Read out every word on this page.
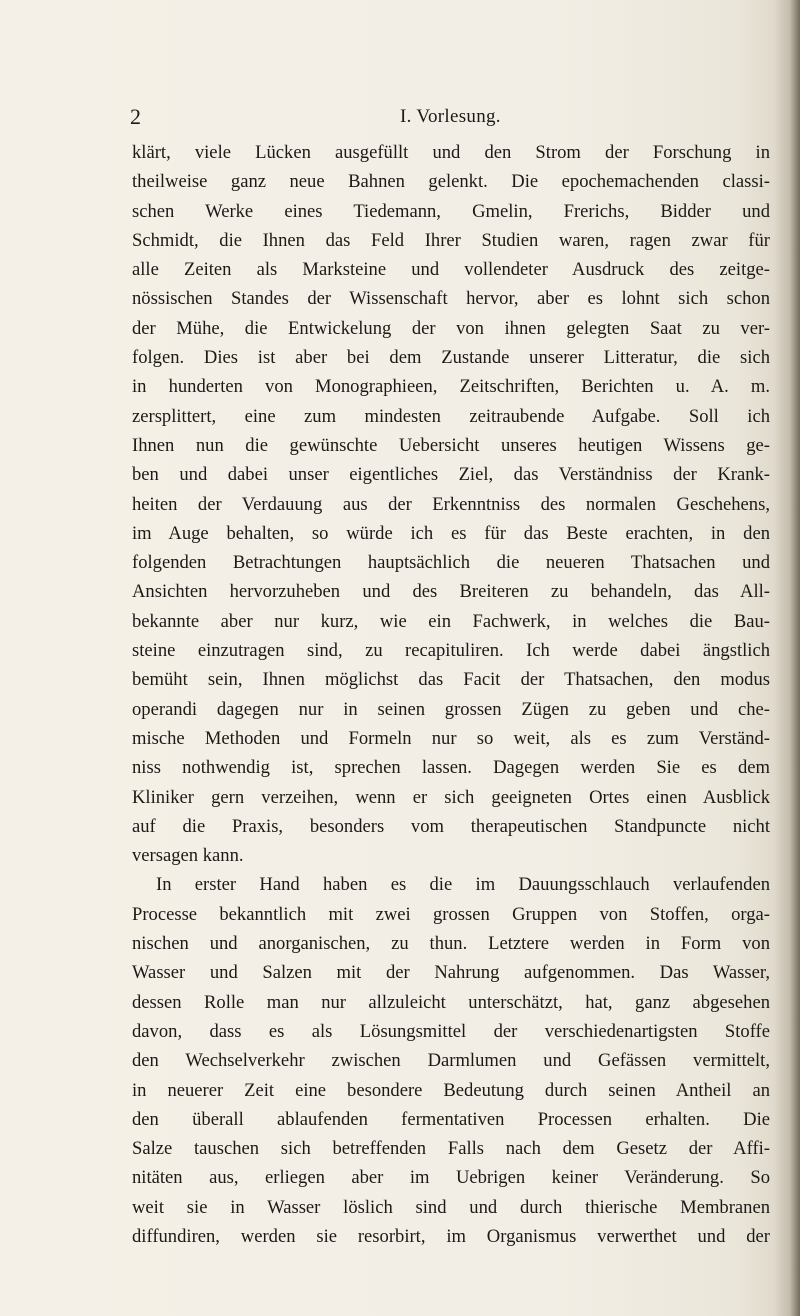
2	I. Vorlesung.
klärt, viele Lücken ausgefüllt und den Strom der Forschung in
theilweise ganz neue Bahnen gelenkt. Die epochemachenden classi-
schen Werke eines Tiedemann, Gmelin, Frerichs, Bidder und
Schmidt, die Ihnen das Feld Ihrer Studien waren, ragen zwar für
alle Zeiten als Marksteine und vollendeter Ausdruck des zeitge-
nössischen Standes der Wissenschaft hervor, aber es lohnt sich schon
der Mühe, die Entwickelung der von ihnen gelegten Saat zu ver-
folgen. Dies ist aber bei dem Zustande unserer Litteratur, die sich
in hunderten von Monographieen, Zeitschriften, Berichten u. A. m.
zersplittert, eine zum mindesten zeitraubende Aufgabe. Soll ich
Ihnen nun die gewünschte Uebersicht unseres heutigen Wissens ge-
ben und dabei unser eigentliches Ziel, das Verständniss der Krank-
heiten der Verdauung aus der Erkenntniss des normalen Geschehens,
im Auge behalten, so würde ich es für das Beste erachten, in den
folgenden Betrachtungen hauptsächlich die neueren Thatsachen und
Ansichten hervorzuheben und des Breiteren zu behandeln, das All-
bekannte aber nur kurz, wie ein Fachwerk, in welches die Bau-
steine einzutragen sind, zu recapituliren. Ich werde dabei ängstlich
bemüht sein, Ihnen möglichst das Facit der Thatsachen, den modus
operandi dagegen nur in seinen grossen Zügen zu geben und che-
mische Methoden und Formeln nur so weit, als es zum Verständ-
niss nothwendig ist, sprechen lassen. Dagegen werden Sie es dem
Kliniker gern verzeihen, wenn er sich geeigneten Ortes einen Ausblick
auf die Praxis, besonders vom therapeutischen Standpuncte nicht
versagen kann.
In erster Hand haben es die im Dauungsschlauch verlaufenden
Processe bekanntlich mit zwei grossen Gruppen von Stoffen, orga-
nischen und anorganischen, zu thun. Letztere werden in Form von
Wasser und Salzen mit der Nahrung aufgenommen. Das Wasser,
dessen Rolle man nur allzuleicht unterschätzt, hat, ganz abgesehen
davon, dass es als Lösungsmittel der verschiedenartigsten Stoffe
den Wechselverkehr zwischen Darmlumen und Gefässen vermittelt,
in neuerer Zeit eine besondere Bedeutung durch seinen Antheil an
den überall ablaufenden fermentativen Processen erhalten. Die
Salze tauschen sich betreffenden Falls nach dem Gesetz der Affi-
nitäten aus, erliegen aber im Uebrigen keiner Veränderung. So
weit sie in Wasser löslich sind und durch thierische Membranen
diffundiren, werden sie resorbirt, im Organismus verwerthet und der
